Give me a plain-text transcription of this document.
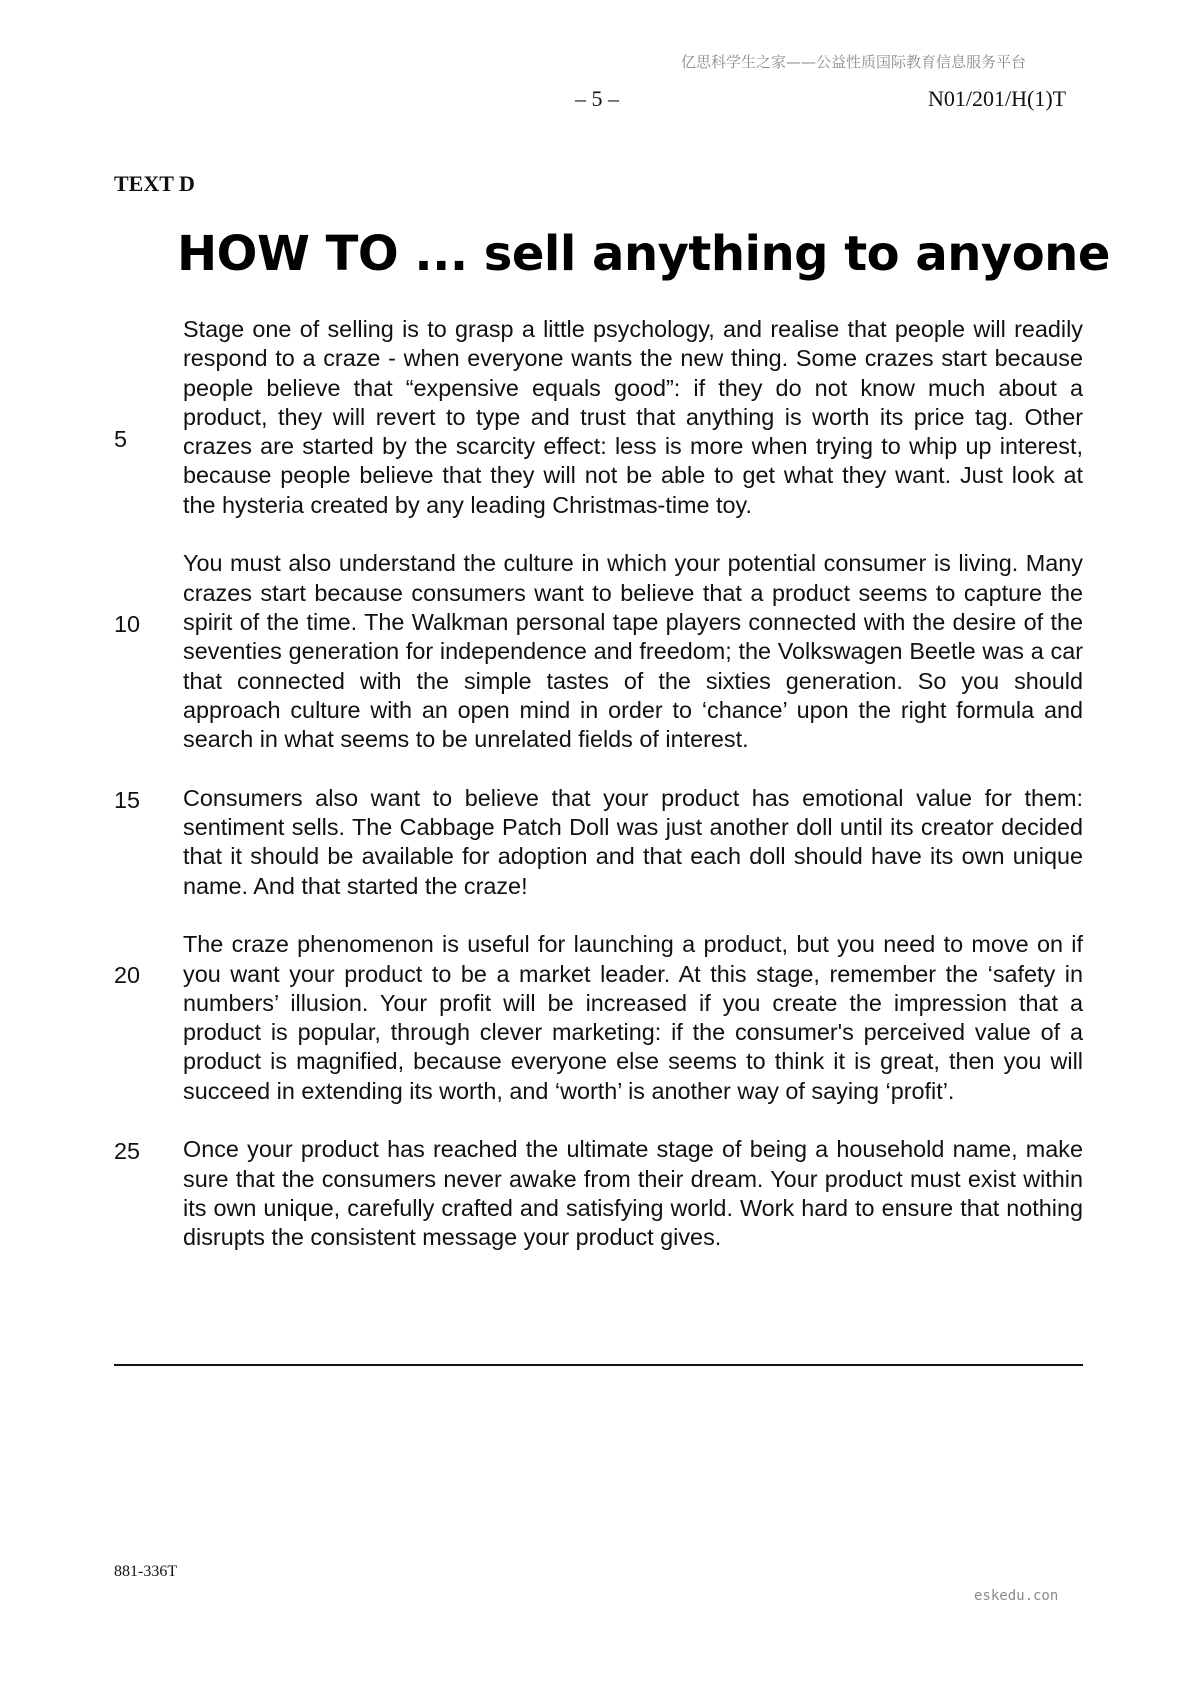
亿思科学生之家——公益性质国际教育信息服务平台
– 5 –	N01/201/H(1)T
TEXT D
HOW TO ... sell anything to anyone

Stage one of selling is to grasp a little psychology, and realise that people will readily respond to a craze - when everyone wants the new thing. Some crazes start because people believe that “expensive equals good”: if they do not know much about a product, they will revert to type and trust that anything is worth its price tag. Other crazes are started by the scarcity effect: less is more when trying to whip up interest, because people believe that they will not be able to get what they want. Just look at the hysteria created by any leading Christmas-time toy.

You must also understand the culture in which your potential consumer is living. Many crazes start because consumers want to believe that a product seems to capture the spirit of the time. The Walkman personal tape players connected with the desire of the seventies generation for independence and freedom; the Volkswagen Beetle was a car that connected with the simple tastes of the sixties generation. So you should approach culture with an open mind in order to ‘chance’ upon the right formula and search in what seems to be unrelated fields of interest.

Consumers also want to believe that your product has emotional value for them: sentiment sells. The Cabbage Patch Doll was just another doll until its creator decided that it should be available for adoption and that each doll should have its own unique name. And that started the craze!

The craze phenomenon is useful for launching a product, but you need to move on if you want your product to be a market leader. At this stage, remember the ‘safety in numbers’ illusion. Your profit will be increased if you create the impression that a product is popular, through clever marketing: if the consumer's perceived value of a product is magnified, because everyone else seems to think it is great, then you will succeed in extending its worth, and ‘worth’ is another way of saying ‘profit’.

Once your product has reached the ultimate stage of being a household name, make sure that the consumers never awake from their dream. Your product must exist within its own unique, carefully crafted and satisfying world. Work hard to ensure that nothing disrupts the consistent message your product gives.

5
10
15
20
25
881-336T
eskedu.con
